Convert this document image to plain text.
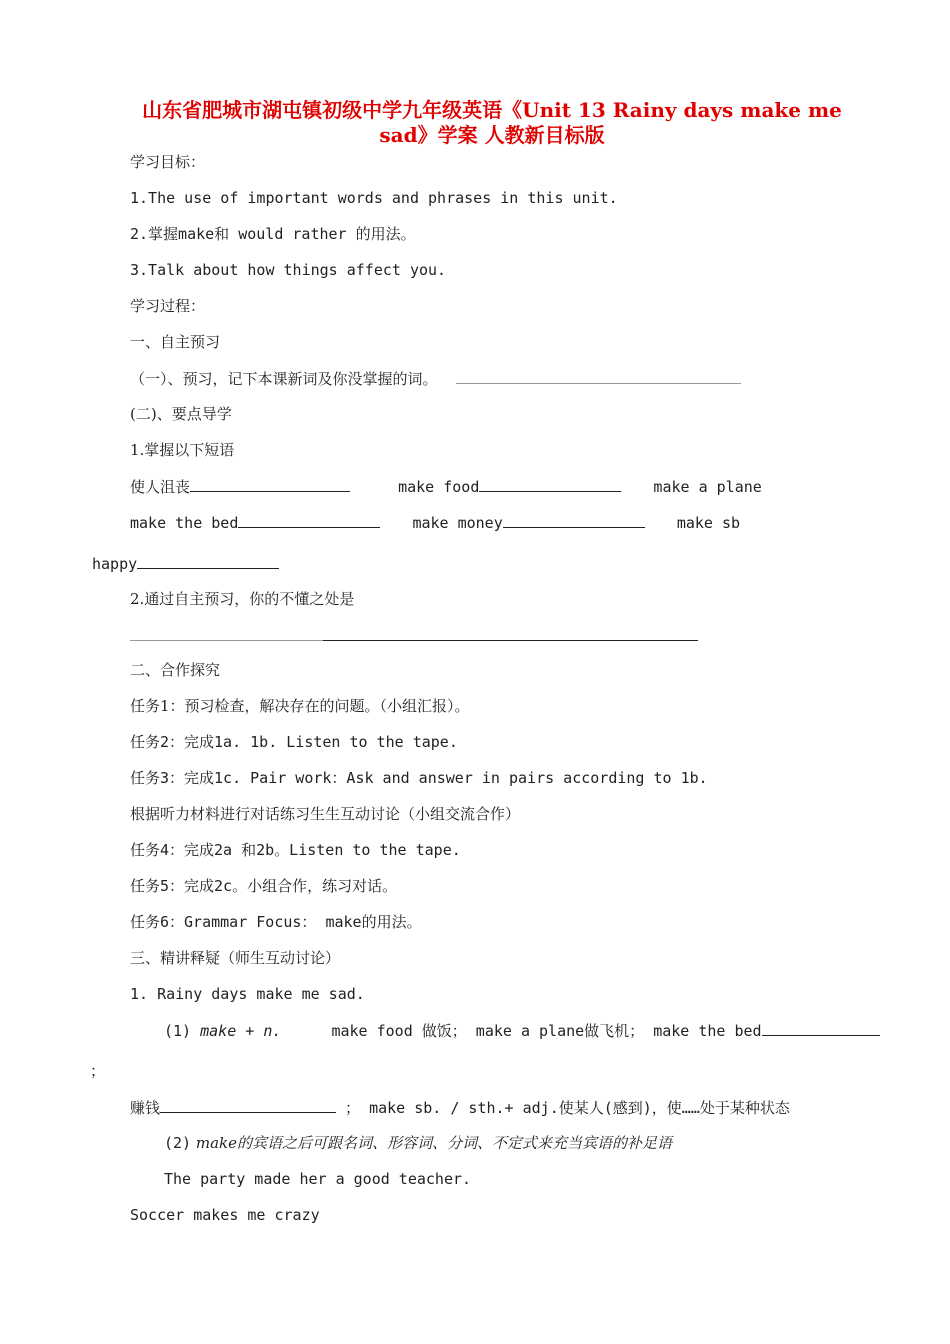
山东省肥城市湖屯镇初级中学九年级英语《Unit 13 Rainy days make me
sad》学案 人教新目标版
学习目标：
1.The use of important words and phrases in this unit.
2.掌握make和 would rather 的用法。
3.Talk about how things affect you.
学习过程：
一、自主预习
（一）、预习，记下本课新词及你没掌握的词。
(二)、要点导学
1.掌握以下短语
使人沮丧	make food	make a plane
make the bed	make money	make sb
happy
2.通过自主预习，你的不懂之处是
二、合作探究
任务1：预习检查，解决存在的问题。（小组汇报）。
任务2：完成1a. 1b. Listen to the tape.
任务3：完成1c. Pair work：Ask and answer in pairs according to 1b.
根据听力材料进行对话练习生生互动讨论（小组交流合作）
任务4：完成2a 和2b。Listen to the tape.
任务5：完成2c。小组合作，练习对话。
任务6：Grammar Focus： make的用法。
三、精讲释疑（师生互动讨论）
1. Rainy days make me sad.
(1) make + n.	make food 做饭； make a plane做飞机； make the bed
；
赚钱	； make sb. / sth.+ adj.使某人(感到)，使……处于某种状态
(2) make的宾语之后可跟名词、形容词、分词、不定式来充当宾语的补足语
The party made her a good teacher.
Soccer makes me crazy
